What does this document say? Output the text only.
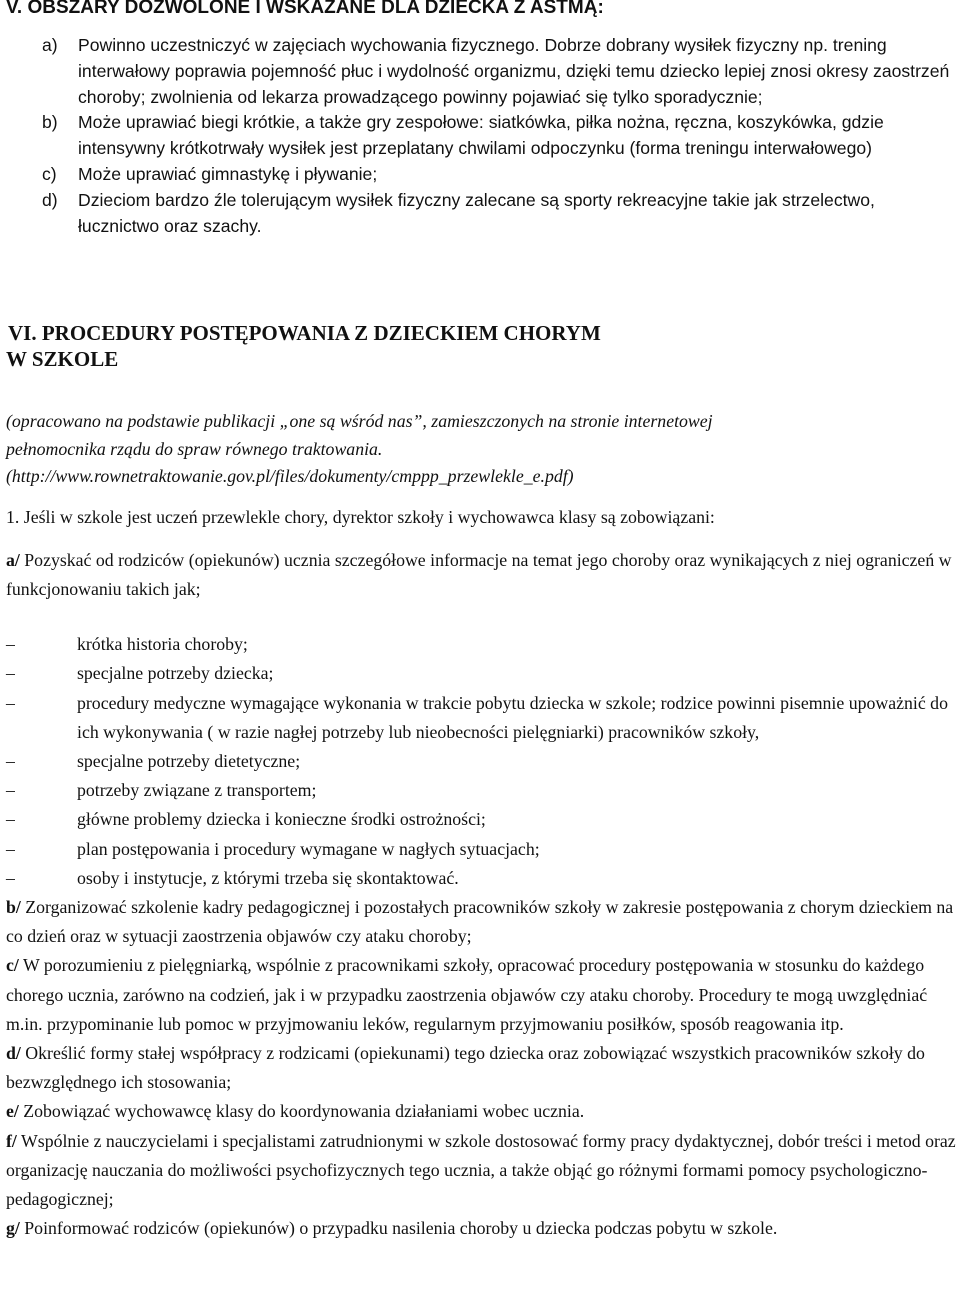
V. OBSZARY DOZWOLONE I WSKAZANE DLA DZIECKA Z ASTMĄ:
a) Powinno uczestniczyć w zajęciach wychowania fizycznego. Dobrze dobrany wysiłek fizyczny np. trening interwałowy poprawia pojemność płuc i wydolność organizmu, dzięki temu dziecko lepiej znosi okresy zaostrzeń choroby; zwolnienia od lekarza prowadzącego powinny pojawiać się tylko sporadycznie;
b) Może uprawiać biegi krótkie, a także gry zespołowe: siatkówka, piłka nożna, ręczna, koszykówka, gdzie intensywny krótkotrwały wysiłek jest przeplatany chwilami odpoczynku (forma treningu interwałowego)
c) Może uprawiać gimnastykę i pływanie;
d) Dzieciom bardzo źle tolerującym wysiłek fizyczny zalecane są sporty rekreacyjne takie jak strzelectwo, łucznictwo oraz szachy.
VI. PROCEDURY POSTĘPOWANIA Z DZIECKIEM CHORYM
W SZKOLE
(opracowano na podstawie publikacji „one są wśród nas”, zamieszczonych na stronie internetowej
pełnomocnika rządu do spraw równego traktowania.
(http://www.rownetraktowanie.gov.pl/files/dokumenty/cmppp_przewlekle_e.pdf)

1. Jeśli w szkole jest uczeń przewlekle chory, dyrektor szkoły i wychowawca klasy są zobowiązani:

a/ Pozyskać od rodziców (opiekunów) ucznia szczegółowe informacje na temat jego choroby oraz wynikających z niej ograniczeń w funkcjonowaniu takich jak;

–	krótka historia choroby;
–	specjalne potrzeby dziecka;
–	procedury medyczne wymagające wykonania w trakcie pobytu dziecka w szkole; rodzice powinni pisemnie upoważnić do ich wykonywania ( w razie nagłej potrzeby lub nieobecności pielęgniarki) pracowników szkoły,
–	specjalne potrzeby dietetyczne;
–	potrzeby związane z transportem;
–	główne problemy dziecka i konieczne środki ostrożności;
–	plan postępowania i procedury wymagane w nagłych sytuacjach;
–	osoby i instytucje, z którymi trzeba się skontaktować.

b/ Zorganizować szkolenie kadry pedagogicznej i pozostałych pracowników szkoły w zakresie postępowania z chorym dzieckiem na co dzień oraz w sytuacji zaostrzenia objawów czy ataku choroby;

c/ W porozumieniu z pielęgniarką, wspólnie z pracownikami szkoły, opracować procedury postępowania w stosunku do każdego chorego ucznia, zarówno na codzień, jak i w przypadku zaostrzenia objawów czy ataku choroby. Procedury te mogą uwzględniać m.in. przypominanie lub pomoc w przyjmowaniu leków, regularnym przyjmowaniu posiłków, sposób reagowania itp.

d/ Określić formy stałej współpracy z rodzicami (opiekunami) tego dziecka oraz zobowiązać wszystkich pracowników szkoły do bezwzględnego ich stosowania;

e/ Zobowiązać wychowawcę klasy do koordynowania działaniami wobec ucznia.

f/ Wspólnie z nauczycielami i specjalistami zatrudnionymi w szkole dostosować formy pracy dydaktycznej, dobór treści i metod oraz organizację nauczania do możliwości psychofizycznych tego ucznia, a także objąć go różnymi formami pomocy psychologiczno-pedagogicznej;

g/ Poinformować rodziców (opiekunów) o przypadku nasilenia choroby u dziecka podczas pobytu w szkole.
